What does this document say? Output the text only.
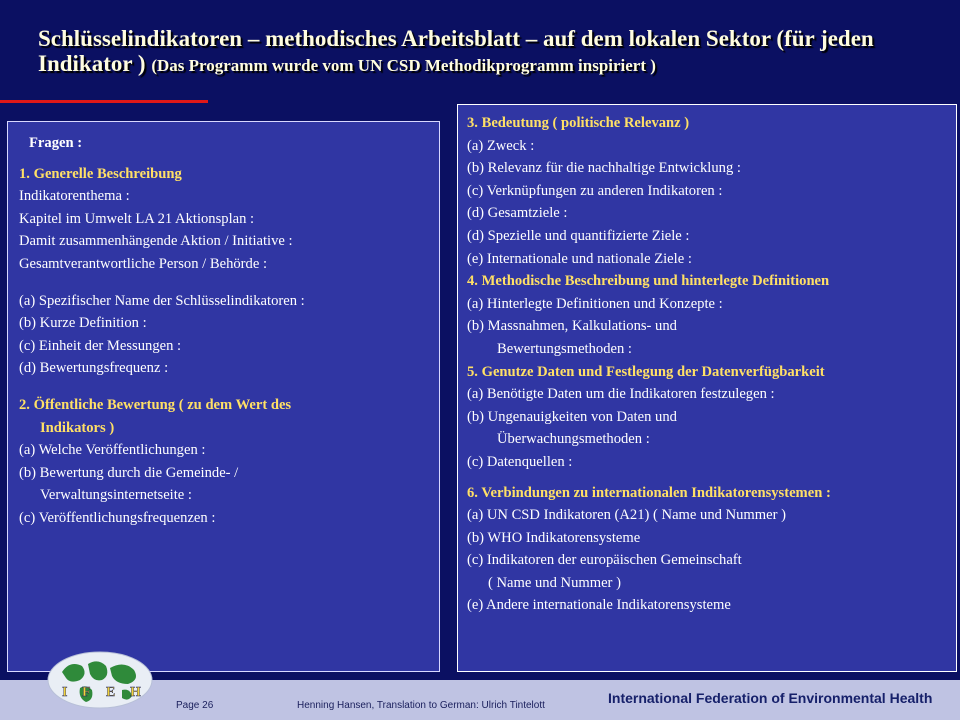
Schlüsselindikatoren – methodisches Arbeitsblatt – auf dem lokalen Sektor (für jeden Indikator ) (Das Programm wurde vom UN CSD Methodikprogramm inspiriert )
Fragen :
1. Generelle Beschreibung
Indikatorenthema :
Kapitel im Umwelt LA 21 Aktionsplan :
Damit zusammenhängende Aktion / Initiative :
Gesamtverantwortliche Person / Behörde :
(a) Spezifischer Name der Schlüsselindikatoren :
(b) Kurze Definition :
(c) Einheit der Messungen :
(d) Bewertungsfrequenz :
2. Öffentliche Bewertung ( zu dem Wert des
Indikators )
(a) Welche Veröffentlichungen :
(b) Bewertung durch die Gemeinde- /
Verwaltungsinternetseite :
(c) Veröffentlichungsfrequenzen :
3. Bedeutung ( politische Relevanz )
(a) Zweck :
(b) Relevanz für die nachhaltige Entwicklung :
(c) Verknüpfungen zu anderen Indikatoren :
(d) Gesamtziele :
(d) Spezielle und quantifizierte Ziele :
(e) Internationale und nationale Ziele :
4. Methodische Beschreibung und hinterlegte Definitionen
(a) Hinterlegte Definitionen und Konzepte :
(b) Massnahmen, Kalkulations- und
Bewertungsmethoden :
5. Genutze Daten und Festlegung der Datenverfügbarkeit
(a) Benötigte Daten um die Indikatoren festzulegen :
(b) Ungenauigkeiten von Daten und
Überwachungsmethoden :
(c) Datenquellen :
6. Verbindungen zu internationalen Indikatorensystemen :
(a) UN CSD Indikatoren (A21) ( Name und Nummer )
(b) WHO Indikatorensysteme
(c) Indikatoren der europäischen Gemeinschaft
( Name und Nummer )
(e) Andere internationale Indikatorensysteme
I F E H
Page 26	Henning Hansen, Translation to German: Ulrich Tintelott	International Federation of Environmental Health
